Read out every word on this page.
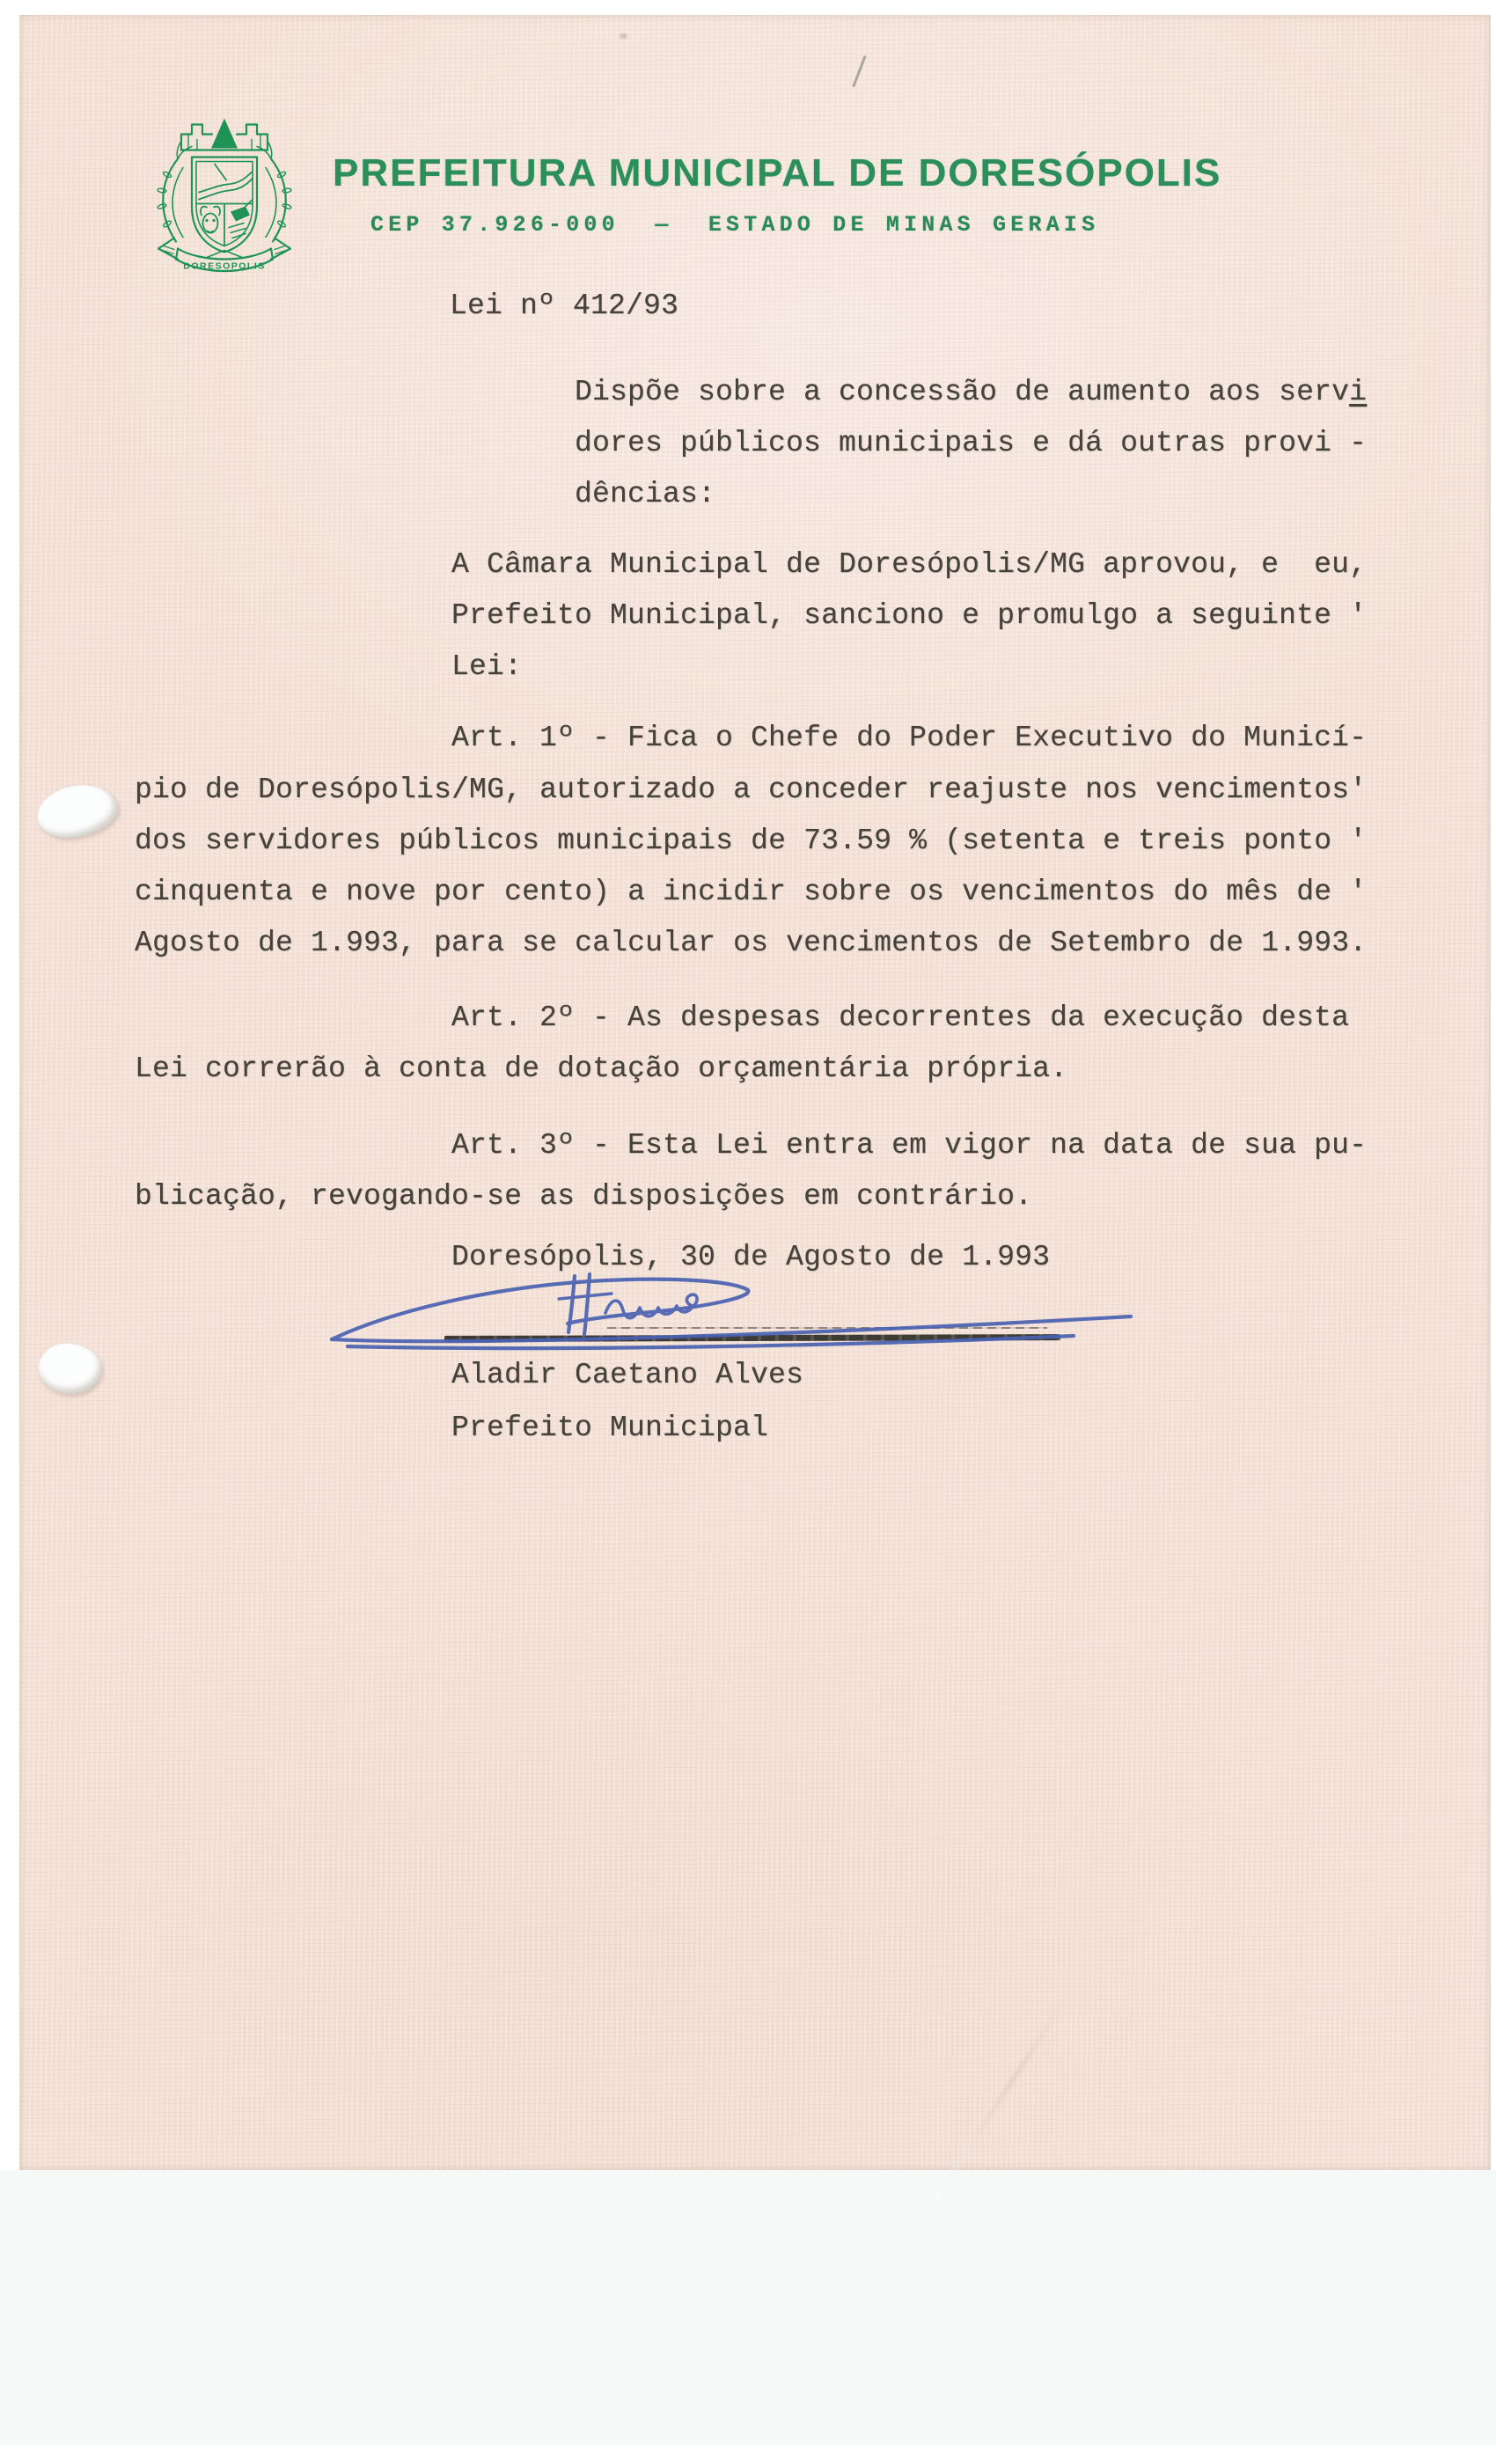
DORESOPOLIS
PREFEITURA MUNICIPAL DE DORESÓPOLIS
CEP 37.926-000  —  ESTADO DE MINAS GERAIS
Lei nº 412/93
Dispõe sobre a concessão de aumento aos servi
dores públicos municipais e dá outras provi -
dências:
A Câmara Municipal de Doresópolis/MG aprovou, e  eu,
Prefeito Municipal, sanciono e promulgo a seguinte '
Lei:
Art. 1º - Fica o Chefe do Poder Executivo do Municí-
pio de Doresópolis/MG, autorizado a conceder reajuste nos vencimentos'
dos servidores públicos municipais de 73.59 % (setenta e treis ponto '
cinquenta e nove por cento) a incidir sobre os vencimentos do mês de '
Agosto de 1.993, para se calcular os vencimentos de Setembro de 1.993.
Art. 2º - As despesas decorrentes da execução desta
Lei correrão à conta de dotação orçamentária própria.
Art. 3º - Esta Lei entra em vigor na data de sua pu-
blicação, revogando-se as disposições em contrário.
Doresópolis, 30 de Agosto de 1.993
Aladir Caetano Alves
Prefeito Municipal
